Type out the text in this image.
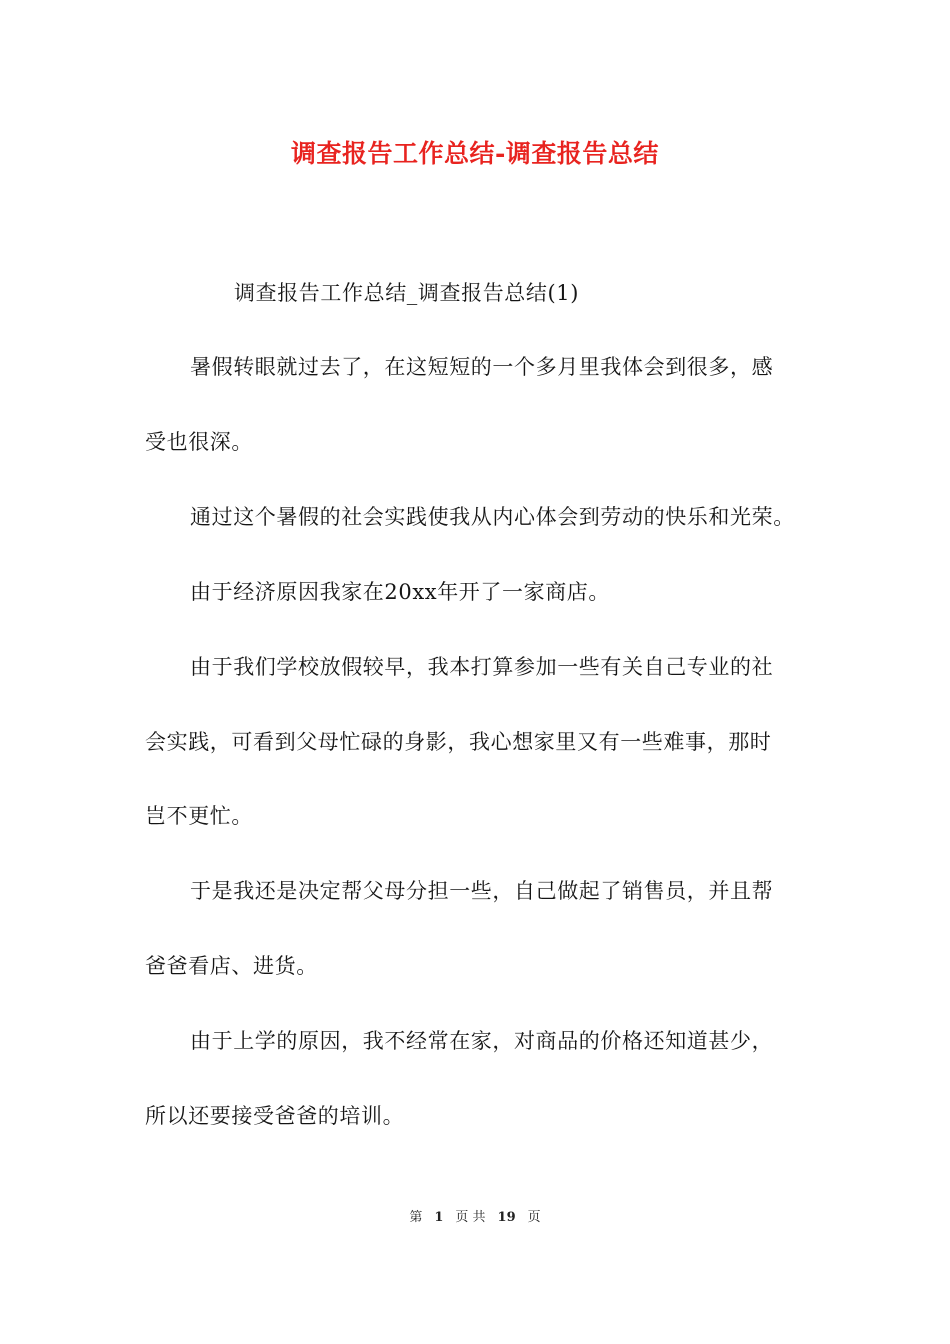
调查报告工作总结-调查报告总结
调查报告工作总结_调查报告总结(1)
暑假转眼就过去了，在这短短的一个多月里我体会到很多，感
受也很深。
通过这个暑假的社会实践使我从内心体会到劳动的快乐和光荣。
由于经济原因我家在20xx年开了一家商店。
由于我们学校放假较早，我本打算参加一些有关自己专业的社
会实践，可看到父母忙碌的身影，我心想家里又有一些难事，那时
岂不更忙。
于是我还是决定帮父母分担一些，自己做起了销售员，并且帮
爸爸看店、进货。
由于上学的原因，我不经常在家，对商品的价格还知道甚少，
所以还要接受爸爸的培训。
第 1 页 共 19 页
